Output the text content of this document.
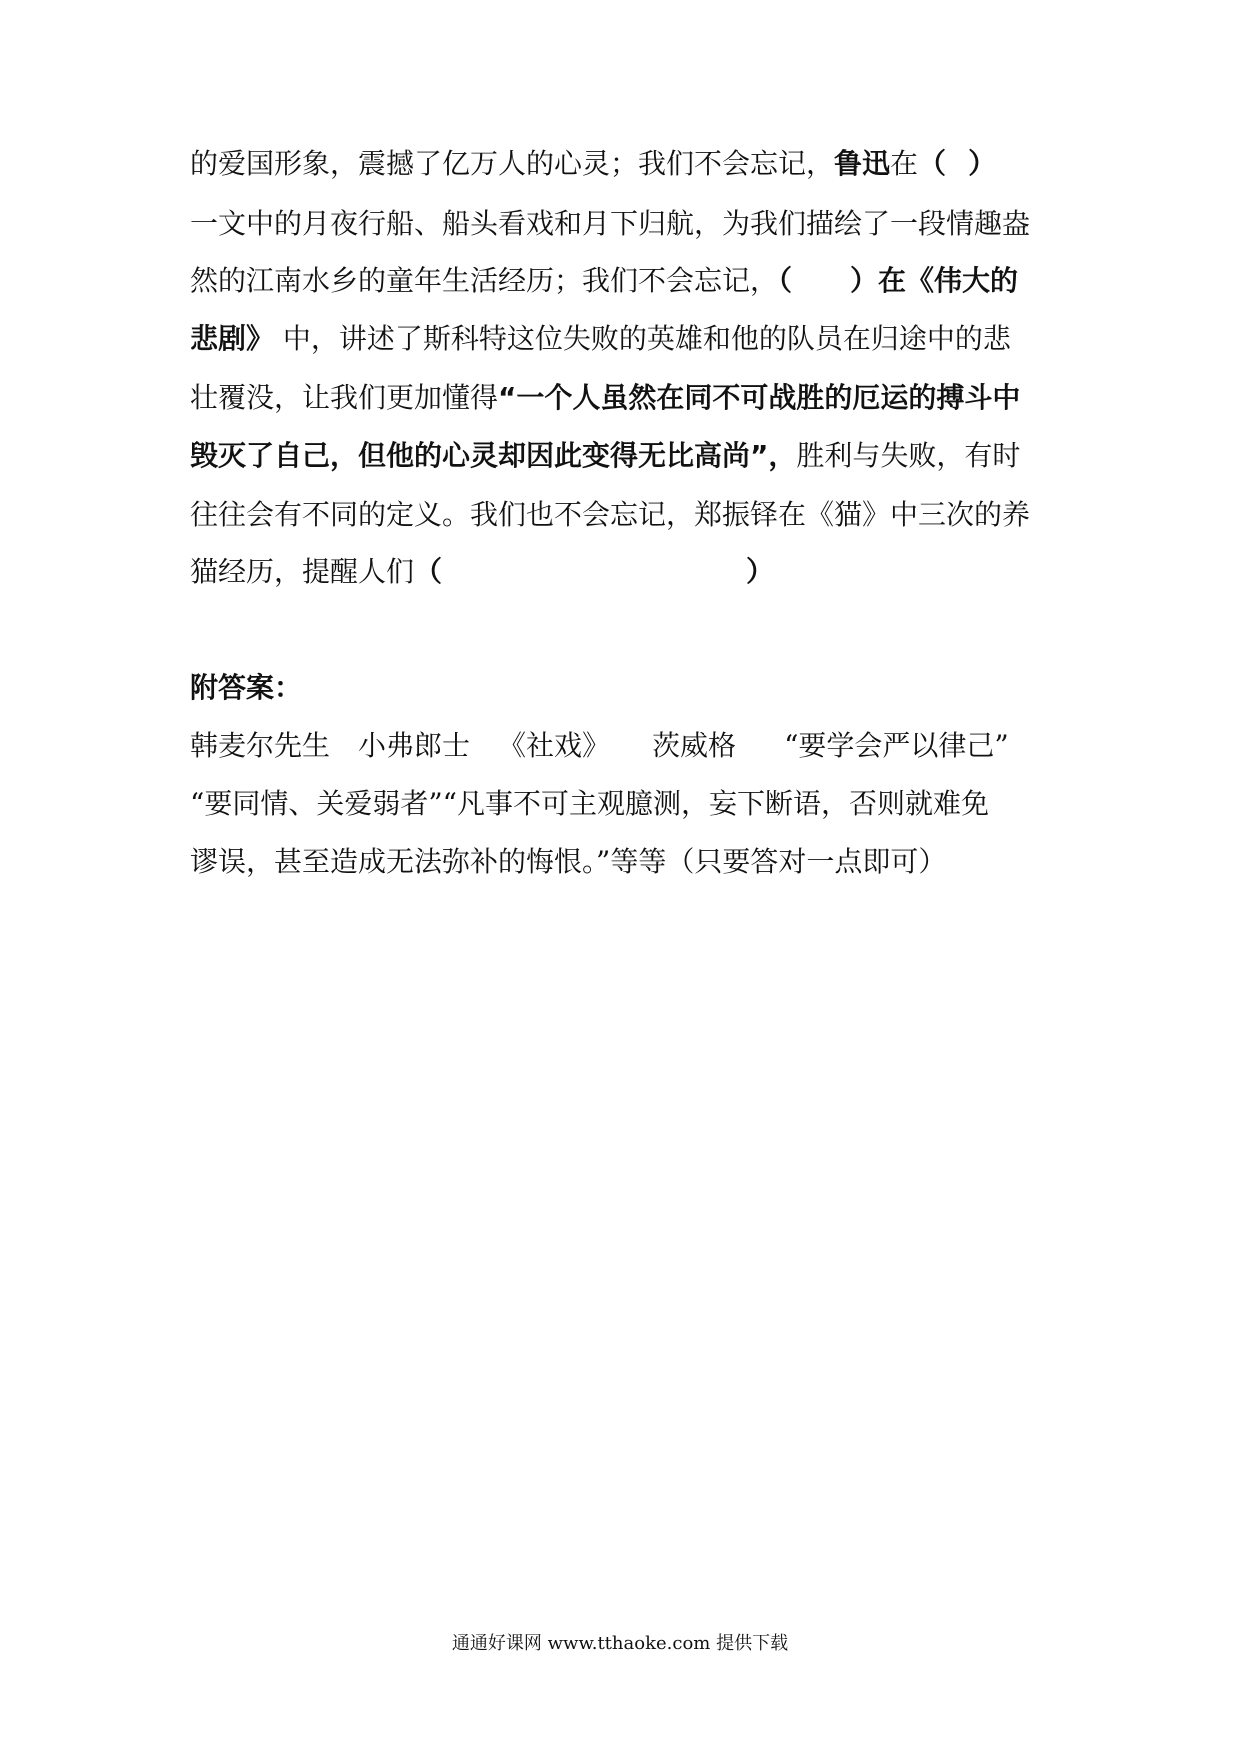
的爱国形象，震撼了亿万人的心灵；我们不会忘记，鲁迅在（ ）
一文中的月夜行船、船头看戏和月下归航，为我们描绘了一段情趣盎
然的江南水乡的童年生活经历；我们不会忘记，（ ）在《伟大的
悲剧》 中，讲述了斯科特这位失败的英雄和他的队员在归途中的悲
壮覆没，让我们更加懂得“一个人虽然在同不可战胜的厄运的搏斗中
毁灭了自己，但他的心灵却因此变得无比高尚”，胜利与失败，有时
往往会有不同的定义。我们也不会忘记，郑振铎在《猫》中三次的养
猫经历，提醒人们（	）
附答案：
韩麦尔先生 小弗郎士 《社戏》 茨威格 “要学会严以律己”
“要同情、关爱弱者”“凡事不可主观臆测，妄下断语，否则就难免
谬误，甚至造成无法弥补的悔恨。”等等（只要答对一点即可）
通通好课网 www.tthaoke.com 提供下载
